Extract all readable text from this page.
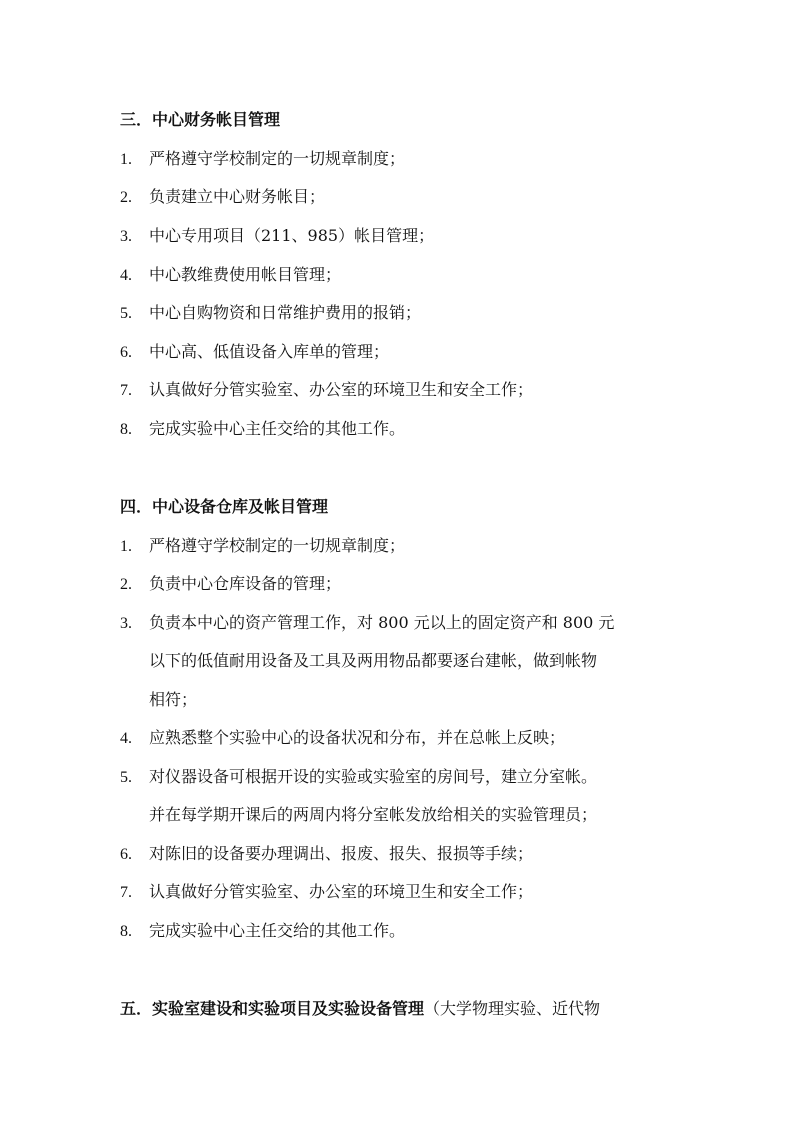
三．中心财务帐目管理
1. 严格遵守学校制定的一切规章制度；
2. 负责建立中心财务帐目；
3. 中心专用项目（211、985）帐目管理；
4. 中心教维费使用帐目管理；
5. 中心自购物资和日常维护费用的报销；
6. 中心高、低值设备入库单的管理；
7. 认真做好分管实验室、办公室的环境卫生和安全工作；
8. 完成实验中心主任交给的其他工作。
四．中心设备仓库及帐目管理
1. 严格遵守学校制定的一切规章制度；
2. 负责中心仓库设备的管理；
3. 负责本中心的资产管理工作，对 800 元以上的固定资产和 800 元
以下的低值耐用设备及工具及两用物品都要逐台建帐，做到帐物
相符；
4. 应熟悉整个实验中心的设备状况和分布，并在总帐上反映；
5. 对仪器设备可根据开设的实验或实验室的房间号，建立分室帐。
并在每学期开课后的两周内将分室帐发放给相关的实验管理员；
6. 对陈旧的设备要办理调出、报废、报失、报损等手续；
7. 认真做好分管实验室、办公室的环境卫生和安全工作；
8. 完成实验中心主任交给的其他工作。
五．实验室建设和实验项目及实验设备管理（大学物理实验、近代物
